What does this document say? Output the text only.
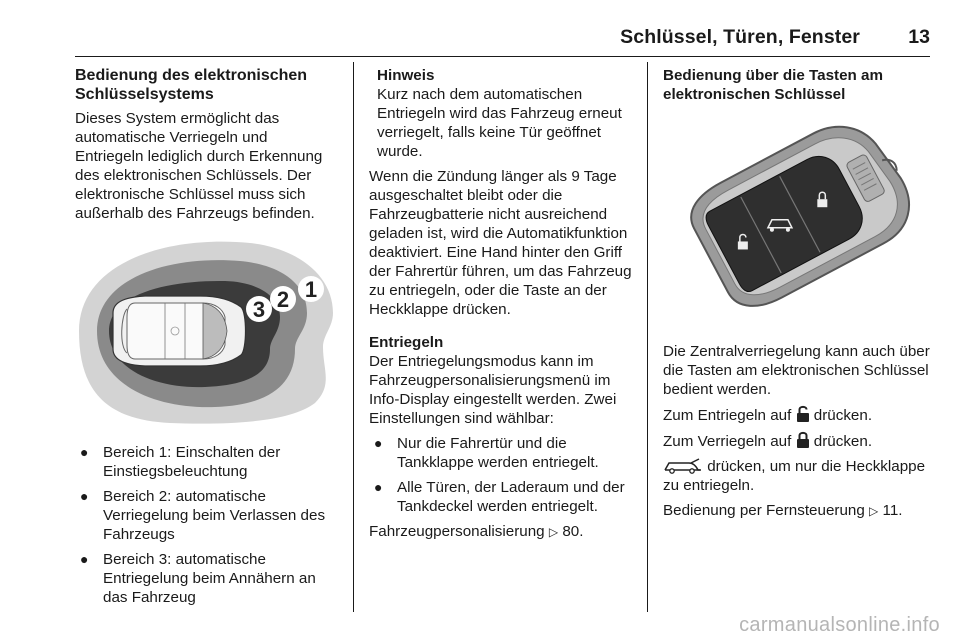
Schlüssel, Türen, Fenster	13
Bedienung des elektronischen
Schlüsselsystems

Dieses System ermöglicht das automatische Verriegeln und Entriegeln lediglich durch Erkennung des elektronischen Schlüssels. Der elektronische Schlüssel muss sich außerhalb des Fahrzeugs befinden.

1
2
3
● Bereich 1: Einschalten der Einstiegsbeleuchtung
● Bereich 2: automatische Verriegelung beim Verlassen des Fahrzeugs
● Bereich 3: automatische Entriegelung beim Annähern an das Fahrzeug
Hinweis
Kurz nach dem automatischen Entriegeln wird das Fahrzeug erneut verriegelt, falls keine Tür geöffnet wurde.

Wenn die Zündung länger als 9 Tage ausgeschaltet bleibt oder die Fahrzeugbatterie nicht ausreichend geladen ist, wird die Automatikfunktion deaktiviert. Eine Hand hinter den Griff der Fahrertür führen, um das Fahrzeug zu entriegeln, oder die Taste an der Heckklappe drücken.

Entriegeln

Der Entriegelungsmodus kann im Fahrzeugpersonalisierungsmenü im Info-Display eingestellt werden. Zwei Einstellungen sind wählbar:

● Nur die Fahrertür und die Tankklappe werden entriegelt.
● Alle Türen, der Laderaum und der Tankdeckel werden entriegelt.

Fahrzeugpersonalisierung ▷ 80.

Bedienung über die Tasten am
elektronischen Schlüssel

Die Zentralverriegelung kann auch über die Tasten am elektronischen Schlüssel bedient werden.

Zum Entriegeln auf drücken.

Zum Verriegeln auf drücken.

drücken, um nur die Heckklappe zu entriegeln.

Bedienung per Fernsteuerung ▷ 11.

carmanualsonline.info
